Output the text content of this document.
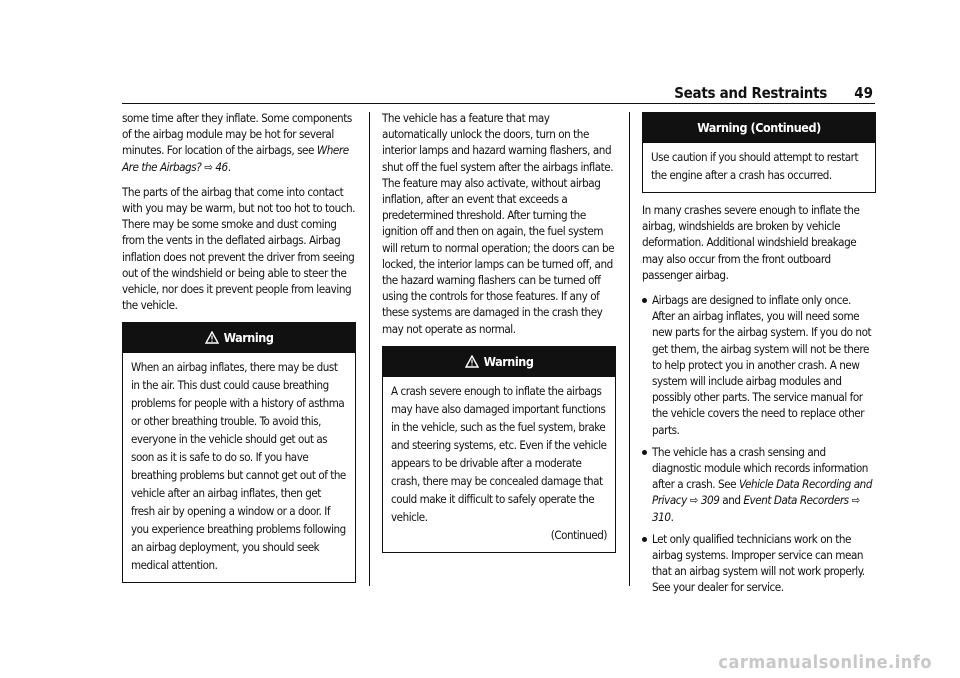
Seats and Restraints 49

some time after they inflate. Some components of the airbag module may be hot for several minutes. For location of the airbags, see Where Are the Airbags? ⇨ 46.

The parts of the airbag that come into contact with you may be warm, but not too hot to touch. There may be some smoke and dust coming from the vents in the deflated airbags. Airbag inflation does not prevent the driver from seeing out of the windshield or being able to steer the vehicle, nor does it prevent people from leaving the vehicle.

Warning
When an airbag inflates, there may be dust in the air. This dust could cause breathing problems for people with a history of asthma or other breathing trouble. To avoid this, everyone in the vehicle should get out as soon as it is safe to do so. If you have breathing problems but cannot get out of the vehicle after an airbag inflates, then get fresh air by opening a window or a door. If you experience breathing problems following an airbag deployment, you should seek medical attention.

The vehicle has a feature that may automatically unlock the doors, turn on the interior lamps and hazard warning flashers, and shut off the fuel system after the airbags inflate. The feature may also activate, without airbag inflation, after an event that exceeds a predetermined threshold. After turning the ignition off and then on again, the fuel system will return to normal operation; the doors can be locked, the interior lamps can be turned off, and the hazard warning flashers can be turned off using the controls for those features. If any of these systems are damaged in the crash they may not operate as normal.

Warning
A crash severe enough to inflate the airbags may have also damaged important functions in the vehicle, such as the fuel system, brake and steering systems, etc. Even if the vehicle appears to be drivable after a moderate crash, there may be concealed damage that could make it difficult to safely operate the vehicle.
(Continued)
Warning (Continued)
Use caution if you should attempt to restart the engine after a crash has occurred.

In many crashes severe enough to inflate the airbag, windshields are broken by vehicle deformation. Additional windshield breakage may also occur from the front outboard passenger airbag.

Airbags are designed to inflate only once. After an airbag inflates, you will need some new parts for the airbag system. If you do not get them, the airbag system will not be there to help protect you in another crash. A new system will include airbag modules and possibly other parts. The service manual for the vehicle covers the need to replace other parts.
The vehicle has a crash sensing and diagnostic module which records information after a crash. See Vehicle Data Recording and Privacy ⇨ 309 and Event Data Recorders ⇨ 310.
Let only qualified technicians work on the airbag systems. Improper service can mean that an airbag system will not work properly. See your dealer for service.
carmanualsonline.info
